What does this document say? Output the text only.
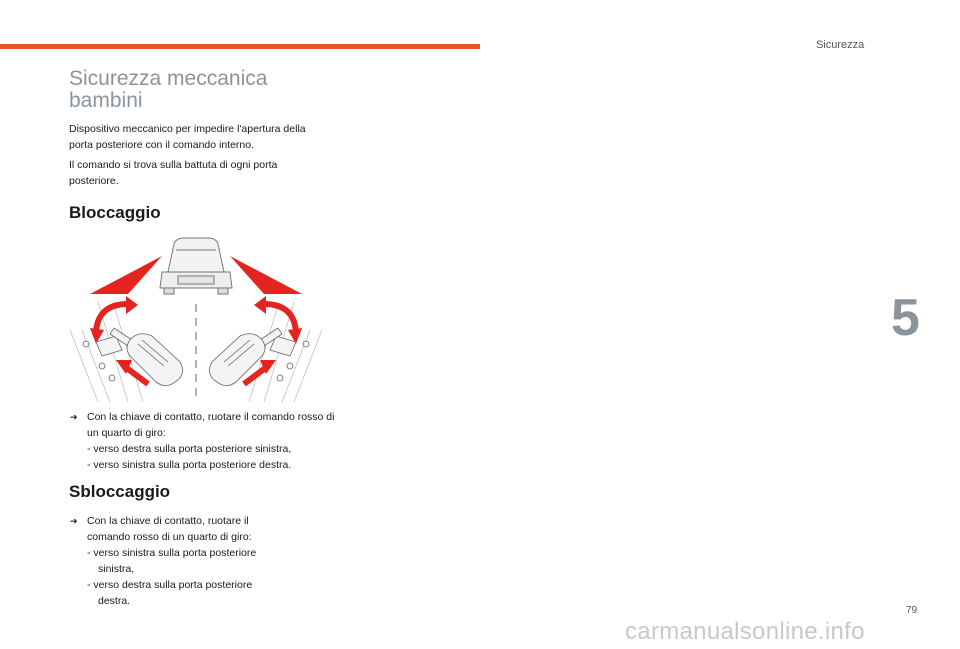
Sicurezza
Sicurezza meccanica
bambini

Dispositivo meccanico per impedire l'apertura della porta posteriore con il comando interno.

Il comando si trova sulla battuta di ogni porta posteriore.

Bloccaggio
➔ Con la chiave di contatto, ruotare il comando rosso di un quarto di giro:
- verso destra sulla porta posteriore sinistra,
- verso sinistra sulla porta posteriore destra.
Sbloccaggio
➔ Con la chiave di contatto, ruotare il comando rosso di un quarto di giro:
- verso sinistra sulla porta posteriore sinistra,
- verso destra sulla porta posteriore destra.
5
79
carmanualsonline.info
